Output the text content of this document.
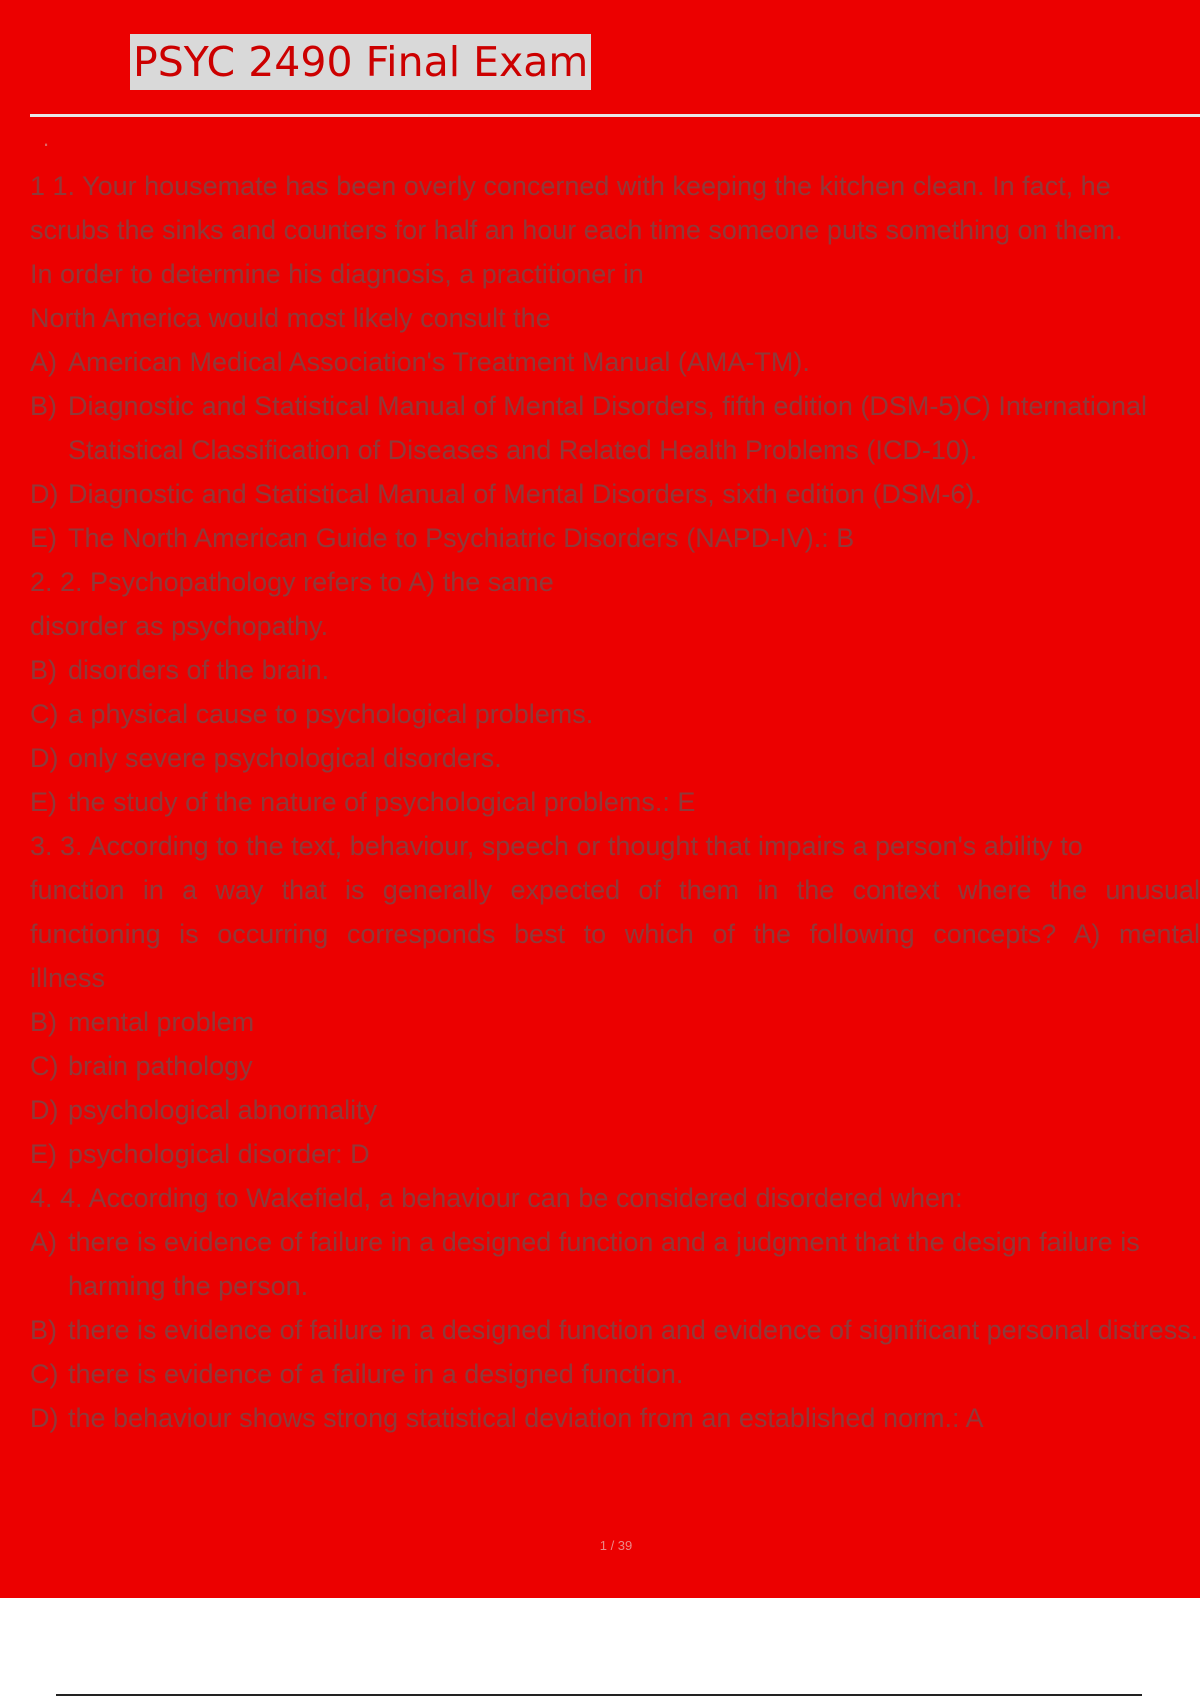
PSYC 2490 Final Exam
.
1 1. Your housemate has been overly concerned with keeping the kitchen clean. In fact, he
scrubs the sinks and counters for half an hour each time someone puts something on them.
In order to determine his diagnosis, a practitioner in
North America would most likely consult the
A) American Medical Association's Treatment Manual (AMA-TM).
B) Diagnostic and Statistical Manual of Mental Disorders, fifth edition (DSM-5)C) International Statistical Classification of Diseases and Related Health Problems (ICD-10).
D) Diagnostic and Statistical Manual of Mental Disorders, sixth edition (DSM-6).
E) The North American Guide to Psychiatric Disorders (NAPD-IV).: B
2. 2. Psychopathology refers to A) the same
disorder as psychopathy.
B) disorders of the brain.
C) a physical cause to psychological problems.
D) only severe psychological disorders.
E) the study of the nature of psychological problems.: E
3. 3. According to the text, behaviour, speech or thought that impairs a person's ability to
function in a way that is generally expected of them in the context where the unusual
functioning is occurring corresponds best to which of the following concepts? A) mental
illness
B) mental problem
C) brain pathology
D) psychological abnormality
E) psychological disorder: D
4. 4. According to Wakefield, a behaviour can be considered disordered when:
A) there is evidence of failure in a designed function and a judgment that the design failure is harming the person.
B) there is evidence of failure in a designed function and evidence of significant personal distress.
C) there is evidence of a failure in a designed function.
D) the behaviour shows strong statistical deviation from an established norm.: A
1 / 39
